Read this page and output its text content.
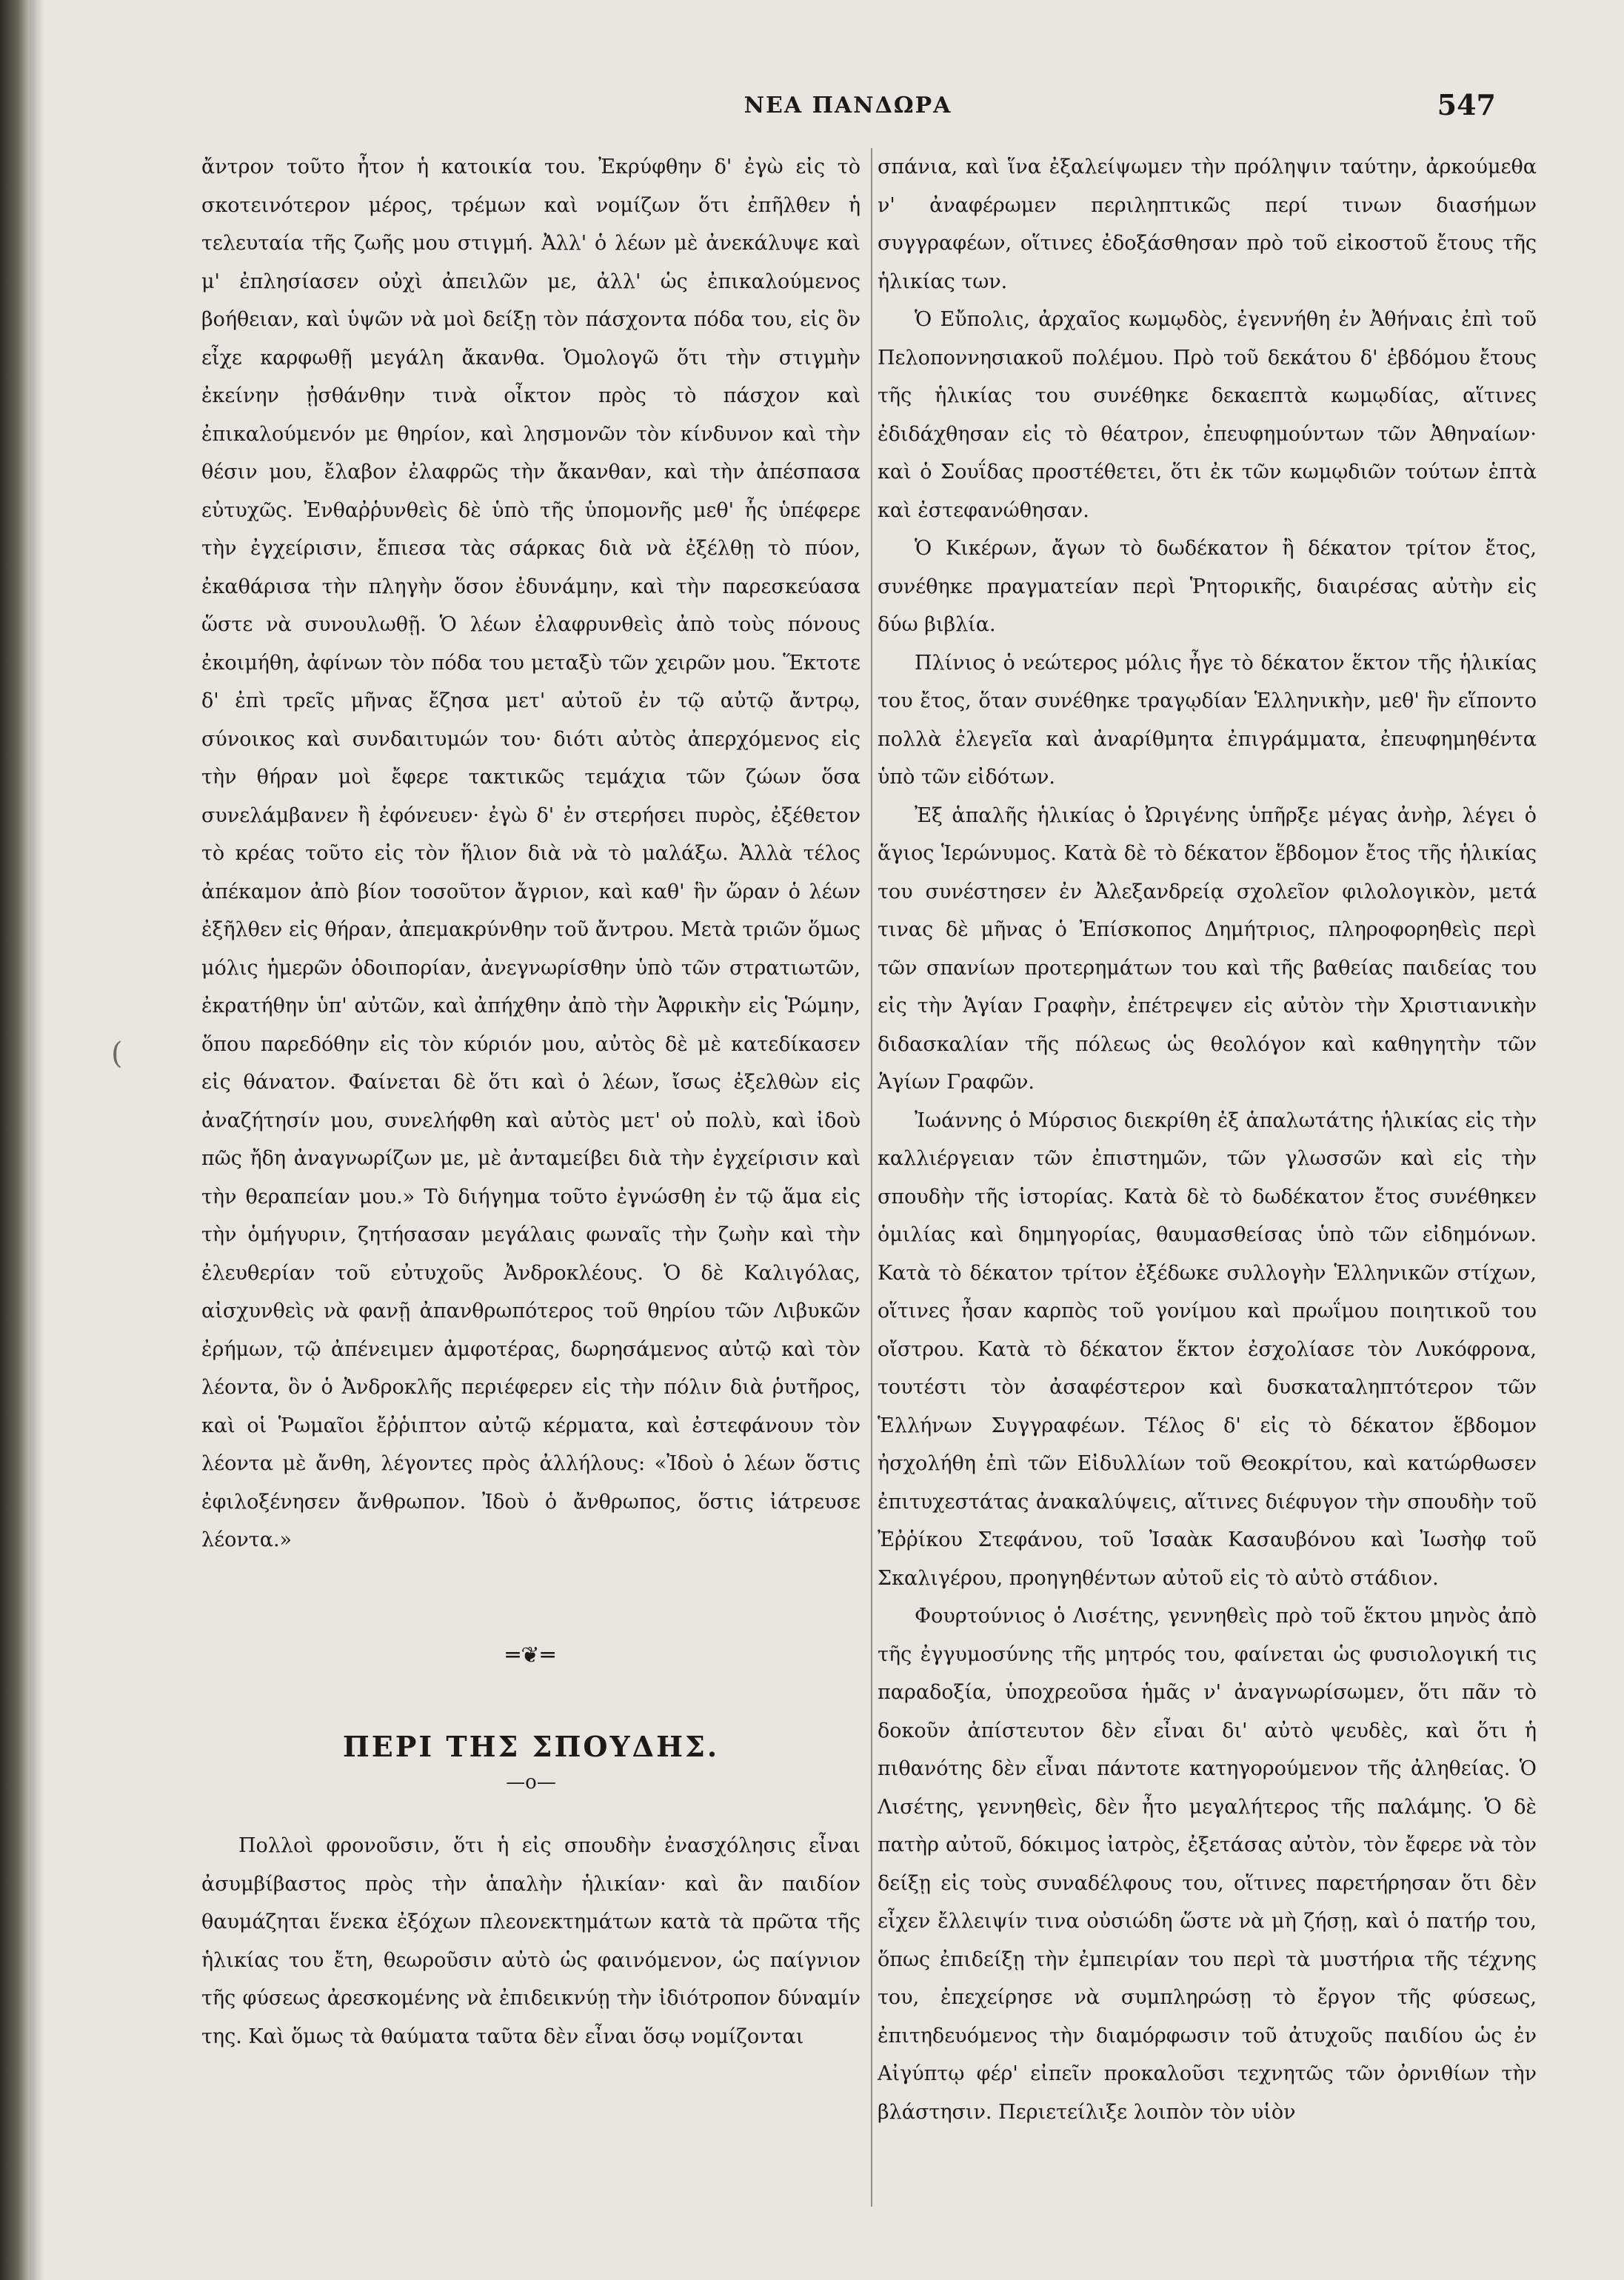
ΝΕΑ ΠΑΝΔΩΡΑ	547
(

ἄντρον τοῦτο ἦτον ἡ κατοικία του. Ἐκρύφθην δ' ἐγὼ εἰς τὸ σκοτεινότερον μέρος, τρέμων καὶ νομίζων ὅτι ἐπῆλθεν ἡ τελευταία τῆς ζωῆς μου στιγμή. Ἀλλ' ὁ λέων μὲ ἀνεκάλυψε καὶ μ' ἐπλησίασεν οὐχὶ ἀπειλῶν με, ἀλλ' ὡς ἐπικαλούμενος βοήθειαν, καὶ ὑψῶν νὰ μοὶ δείξῃ τὸν πάσχοντα πόδα του, εἰς ὃν εἶχε καρφωθῇ μεγάλη ἄκανθα. Ὁμολογῶ ὅτι τὴν στιγμὴν ἐκείνην ᾐσθάνθην τινὰ οἶκτον πρὸς τὸ πάσχον καὶ ἐπικαλούμενόν με θηρίον, καὶ λησμονῶν τὸν κίνδυνον καὶ τὴν θέσιν μου, ἔλαβον ἐλαφρῶς τὴν ἄκανθαν, καὶ τὴν ἀπέσπασα εὐτυχῶς. Ἐνθαῤῥυνθεὶς δὲ ὑπὸ τῆς ὑπομονῆς μεθ' ἧς ὑπέφερε τὴν ἐγχείρισιν, ἔπιεσα τὰς σάρκας διὰ νὰ ἐξέλθῃ τὸ πύον, ἐκαθάρισα τὴν πληγὴν ὅσον ἐδυνάμην, καὶ τὴν παρεσκεύασα ὥστε νὰ συνουλωθῇ. Ὁ λέων ἐλαφρυνθεὶς ἀπὸ τοὺς πόνους ἐκοιμήθη, ἀφίνων τὸν πόδα του μεταξὺ τῶν χειρῶν μου. Ἕκτοτε δ' ἐπὶ τρεῖς μῆνας ἔζησα μετ' αὐτοῦ ἐν τῷ αὐτῷ ἄντρῳ, σύνοικος καὶ συνδαιτυμών του· διότι αὐτὸς ἀπερχόμενος εἰς τὴν θήραν μοὶ ἔφερε τακτικῶς τεμάχια τῶν ζώων ὅσα συνελάμβανεν ἢ ἐφόνευεν· ἐγὼ δ' ἐν στερήσει πυρὸς, ἐξέθετον τὸ κρέας τοῦτο εἰς τὸν ἥλιον διὰ νὰ τὸ μαλάξω. Ἀλλὰ τέλος ἀπέκαμον ἀπὸ βίον τοσοῦτον ἄγριον, καὶ καθ' ἣν ὥραν ὁ λέων ἐξῆλθεν εἰς θήραν, ἀπεμακρύνθην τοῦ ἄντρου. Μετὰ τριῶν ὅμως μόλις ἡμερῶν ὁδοιπορίαν, ἀνεγνωρίσθην ὑπὸ τῶν στρατιωτῶν, ἐκρατήθην ὑπ' αὐτῶν, καὶ ἀπήχθην ἀπὸ τὴν Ἀφρικὴν εἰς Ῥώμην, ὅπου παρεδόθην εἰς τὸν κύριόν μου, αὐτὸς δὲ μὲ κατεδίκασεν εἰς θάνατον. Φαίνεται δὲ ὅτι καὶ ὁ λέων, ἴσως ἐξελθὼν εἰς ἀναζήτησίν μου, συνελήφθη καὶ αὐτὸς μετ' οὐ πολὺ, καὶ ἰδοὺ πῶς ἤδη ἀναγνωρίζων με, μὲ ἀνταμείβει διὰ τὴν ἐγχείρισιν καὶ τὴν θεραπείαν μου.» Τὸ διήγημα τοῦτο ἐγνώσθη ἐν τῷ ἅμα εἰς τὴν ὁμήγυριν, ζητήσασαν μεγάλαις φωναῖς τὴν ζωὴν καὶ τὴν ἐλευθερίαν τοῦ εὐτυχοῦς Ἀνδροκλέους. Ὁ δὲ Καλιγόλας, αἰσχυνθεὶς νὰ φανῇ ἀπανθρωπότερος τοῦ θηρίου τῶν Λιβυκῶν ἐρήμων, τῷ ἀπένειμεν ἀμφοτέρας, δωρησάμενος αὐτῷ καὶ τὸν λέοντα, ὃν ὁ Ἀνδροκλῆς περιέφερεν εἰς τὴν πόλιν διὰ ῥυτῆρος, καὶ οἱ Ῥωμαῖοι ἔῤῥιπτον αὐτῷ κέρματα, καὶ ἐστεφάνουν τὸν λέοντα μὲ ἄνθη, λέγοντες πρὸς ἀλλήλους: «Ἰδοὺ ὁ λέων ὅστις ἐφιλοξένησεν ἄνθρωπον. Ἰδοὺ ὁ ἄνθρωπος, ὅστις ἰάτρευσε λέοντα.»

═❦═
ΠΕΡΙ ΤΗΣ ΣΠΟΥΔΗΣ.
—o—

Πολλοὶ φρονοῦσιν, ὅτι ἡ εἰς σπουδὴν ἐνασχόλησις εἶναι ἀσυμβίβαστος πρὸς τὴν ἁπαλὴν ἡλικίαν· καὶ ἂν παιδίον θαυμάζηται ἕνεκα ἐξόχων πλεονεκτημάτων κατὰ τὰ πρῶτα τῆς ἡλικίας του ἔτη, θεωροῦσιν αὐτὸ ὡς φαινόμενον, ὡς παίγνιον τῆς φύσεως ἀρεσκομένης νὰ ἐπιδεικνύῃ τὴν ἰδιότροπον δύναμίν της. Καὶ ὅμως τὰ θαύματα ταῦτα δὲν εἶναι ὅσῳ νομίζονται

σπάνια, καὶ ἵνα ἐξαλείψωμεν τὴν πρόληψιν ταύτην, ἀρκούμεθα ν' ἀναφέρωμεν περιληπτικῶς περί τινων διασήμων συγγραφέων, οἵτινες ἐδοξάσθησαν πρὸ τοῦ εἰκοστοῦ ἔτους τῆς ἡλικίας των.

Ὁ Εὔπολις, ἀρχαῖος κωμῳδὸς, ἐγεννήθη ἐν Ἀθήναις ἐπὶ τοῦ Πελοποννησιακοῦ πολέμου. Πρὸ τοῦ δεκάτου δ' ἑβδόμου ἔτους τῆς ἡλικίας του συνέθηκε δεκαεπτὰ κωμῳδίας, αἵτινες ἐδιδάχθησαν εἰς τὸ θέατρον, ἐπευφημούντων τῶν Ἀθηναίων· καὶ ὁ Σουΐδας προστέθετει, ὅτι ἐκ τῶν κωμῳδιῶν τούτων ἑπτὰ καὶ ἐστεφανώθησαν.

Ὁ Κικέρων, ἄγων τὸ δωδέκατον ἢ δέκατον τρίτον ἔτος, συνέθηκε πραγματείαν περὶ Ῥητορικῆς, διαιρέσας αὐτὴν εἰς δύω βιβλία.

Πλίνιος ὁ νεώτερος μόλις ἦγε τὸ δέκατον ἕκτον τῆς ἡλικίας του ἔτος, ὅταν συνέθηκε τραγῳδίαν Ἑλληνικὴν, μεθ' ἣν εἵποντο πολλὰ ἐλεγεῖα καὶ ἀναρίθμητα ἐπιγράμματα, ἐπευφημηθέντα ὑπὸ τῶν εἰδότων.

Ἐξ ἁπαλῆς ἡλικίας ὁ Ὠριγένης ὑπῆρξε μέγας ἀνὴρ, λέγει ὁ ἅγιος Ἱερώνυμος. Κατὰ δὲ τὸ δέκατον ἕβδομον ἔτος τῆς ἡλικίας του συνέστησεν ἐν Ἀλεξανδρείᾳ σχολεῖον φιλολογικὸν, μετά τινας δὲ μῆνας ὁ Ἐπίσκοπος Δημήτριος, πληροφορηθεὶς περὶ τῶν σπανίων προτερημάτων του καὶ τῆς βαθείας παιδείας του εἰς τὴν Ἁγίαν Γραφὴν, ἐπέτρεψεν εἰς αὐτὸν τὴν Χριστιανικὴν διδασκαλίαν τῆς πόλεως ὡς θεολόγον καὶ καθηγητὴν τῶν Ἁγίων Γραφῶν.

Ἰωάννης ὁ Μύρσιος διεκρίθη ἐξ ἁπαλωτάτης ἡλικίας εἰς τὴν καλλιέργειαν τῶν ἐπιστημῶν, τῶν γλωσσῶν καὶ εἰς τὴν σπουδὴν τῆς ἱστορίας. Κατὰ δὲ τὸ δωδέκατον ἔτος συνέθηκεν ὁμιλίας καὶ δημηγορίας, θαυμασθείσας ὑπὸ τῶν εἰδημόνων. Κατὰ τὸ δέκατον τρίτον ἐξέδωκε συλλογὴν Ἑλληνικῶν στίχων, οἵτινες ἦσαν καρπὸς τοῦ γονίμου καὶ πρωΐμου ποιητικοῦ του οἴστρου. Κατὰ τὸ δέκατον ἕκτον ἐσχολίασε τὸν Λυκόφρονα, τουτέστι τὸν ἀσαφέστερον καὶ δυσκαταληπτότερον τῶν Ἑλλήνων Συγγραφέων. Τέλος δ' εἰς τὸ δέκατον ἕβδομον ἠσχολήθη ἐπὶ τῶν Εἰδυλλίων τοῦ Θεοκρίτου, καὶ κατώρθωσεν ἐπιτυχεστάτας ἀνακαλύψεις, αἵτινες διέφυγον τὴν σπουδὴν τοῦ Ἐῤῥίκου Στεφάνου, τοῦ Ἰσαὰκ Κασαυβόνου καὶ Ἰωσὴφ τοῦ Σκαλιγέρου, προηγηθέντων αὐτοῦ εἰς τὸ αὐτὸ στάδιον.

Φουρτούνιος ὁ Λισέτης, γεννηθεὶς πρὸ τοῦ ἕκτου μηνὸς ἀπὸ τῆς ἐγγυμοσύνης τῆς μητρός του, φαίνεται ὡς φυσιολογική τις παραδοξία, ὑποχρεοῦσα ἡμᾶς ν' ἀναγνωρίσωμεν, ὅτι πᾶν τὸ δοκοῦν ἀπίστευτον δὲν εἶναι δι' αὐτὸ ψευδὲς, καὶ ὅτι ἡ πιθανότης δὲν εἶναι πάντοτε κατηγορούμενον τῆς ἀληθείας. Ὁ Λισέτης, γεννηθεὶς, δὲν ἦτο μεγαλήτερος τῆς παλάμης. Ὁ δὲ πατὴρ αὐτοῦ, δόκιμος ἰατρὸς, ἐξετάσας αὐτὸν, τὸν ἔφερε νὰ τὸν δείξῃ εἰς τοὺς συναδέλφους του, οἵτινες παρετήρησαν ὅτι δὲν εἶχεν ἔλλειψίν τινα οὐσιώδη ὥστε νὰ μὴ ζήσῃ, καὶ ὁ πατήρ του, ὅπως ἐπιδείξῃ τὴν ἐμπειρίαν του περὶ τὰ μυστήρια τῆς τέχνης του, ἐπεχείρησε νὰ συμπληρώσῃ τὸ ἔργον τῆς φύσεως, ἐπιτηδευόμενος τὴν διαμόρφωσιν τοῦ ἀτυχοῦς παιδίου ὡς ἐν Αἰγύπτῳ φέρ' εἰπεῖν προκαλοῦσι τεχνητῶς τῶν ὀρνιθίων τὴν βλάστησιν. Περιετείλιξε λοιπὸν τὸν υἱὸν
